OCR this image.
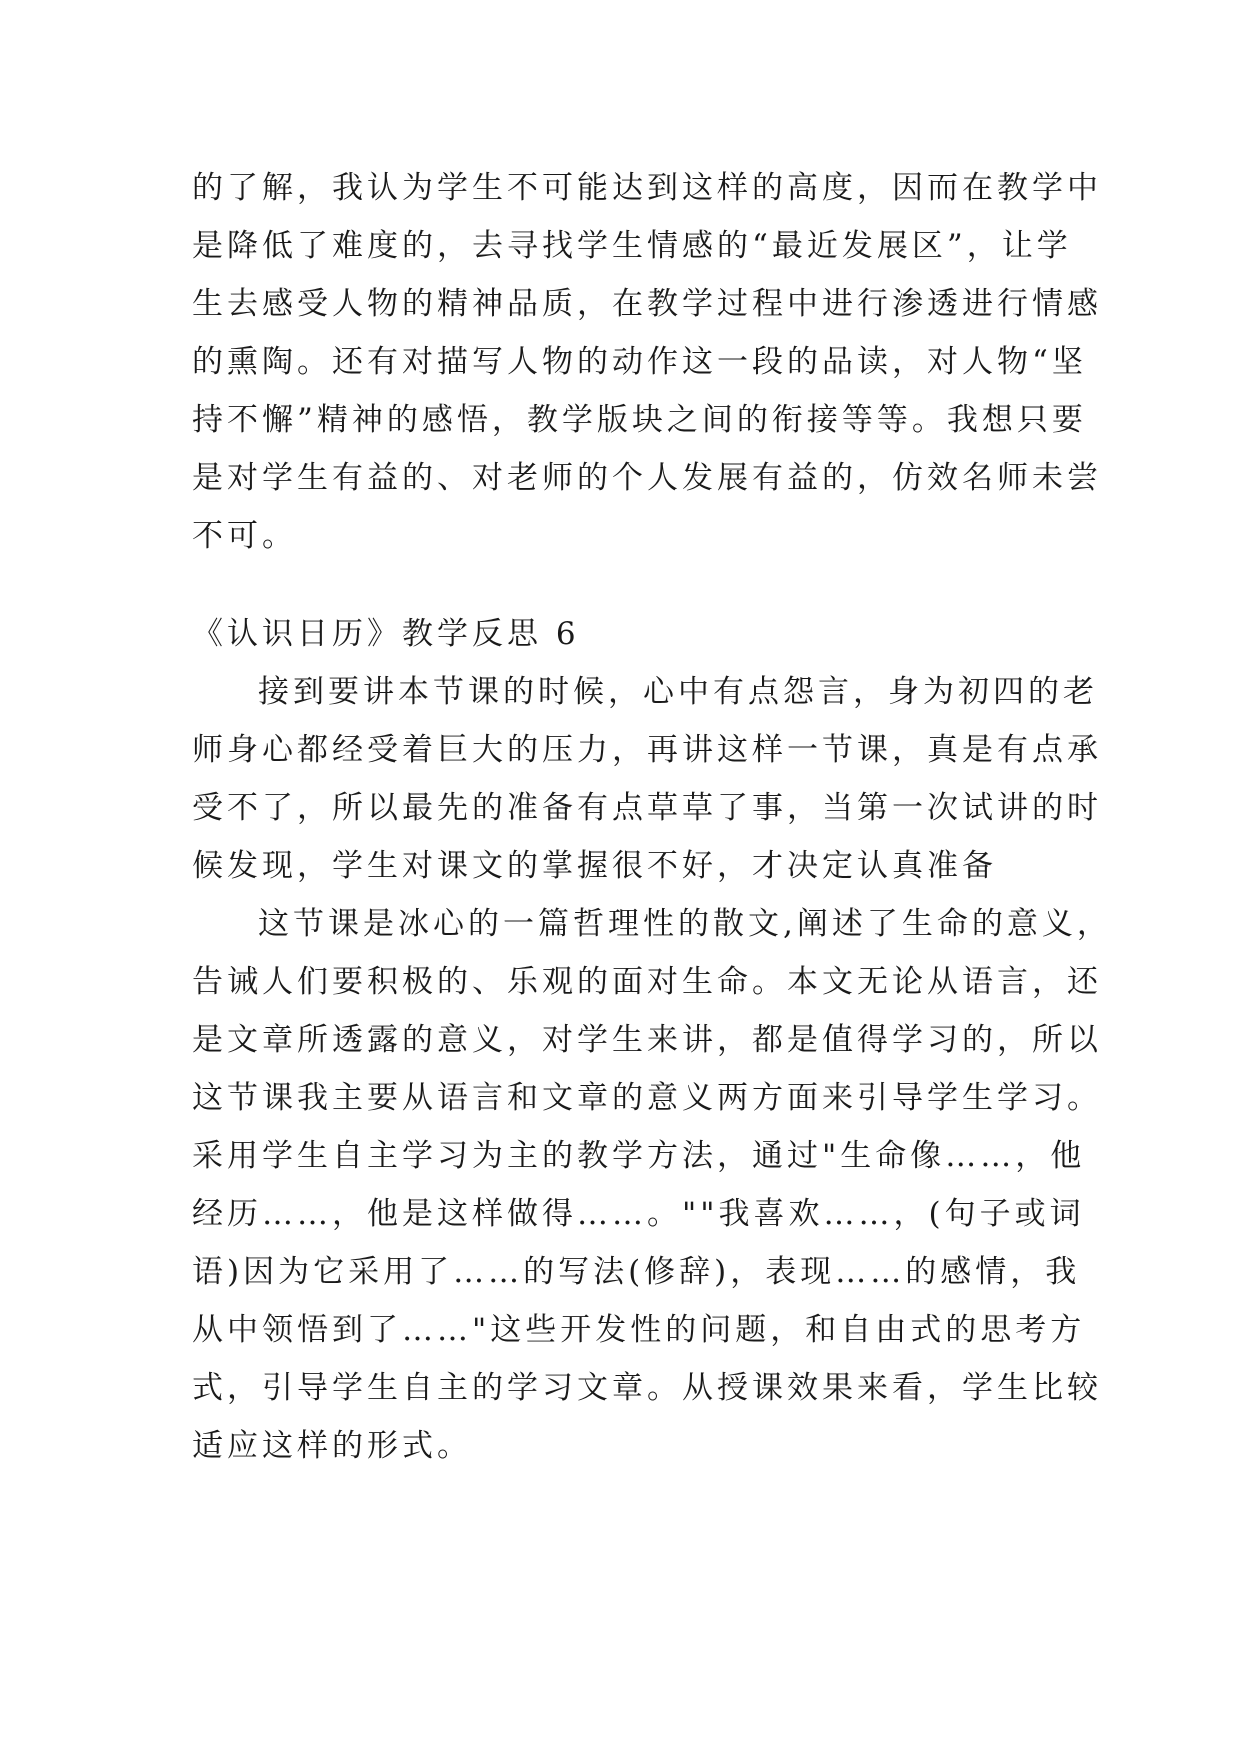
的了解，我认为学生不可能达到这样的高度，因而在教学中
是降低了难度的，去寻找学生情感的“最近发展区”，让学
生去感受人物的精神品质，在教学过程中进行渗透进行情感
的熏陶。还有对描写人物的动作这一段的品读，对人物“坚
持不懈”精神的感悟，教学版块之间的衔接等等。我想只要
是对学生有益的、对老师的个人发展有益的，仿效名师未尝
不可。
《认识日历》教学反思 6
接到要讲本节课的时候，心中有点怨言，身为初四的老
师身心都经受着巨大的压力，再讲这样一节课，真是有点承
受不了，所以最先的准备有点草草了事，当第一次试讲的时
候发现，学生对课文的掌握很不好，才决定认真准备
这节课是冰心的一篇哲理性的散文,阐述了生命的意义，
告诫人们要积极的、乐观的面对生命。本文无论从语言，还
是文章所透露的意义，对学生来讲，都是值得学习的，所以
这节课我主要从语言和文章的意义两方面来引导学生学习。
采用学生自主学习为主的教学方法，通过"生命像……，他
经历……，他是这样做得……。""我喜欢……，(句子或词
语)因为它采用了……的写法(修辞)，表现……的感情，我
从中领悟到了……"这些开发性的问题，和自由式的思考方
式，引导学生自主的学习文章。从授课效果来看，学生比较
适应这样的形式。
